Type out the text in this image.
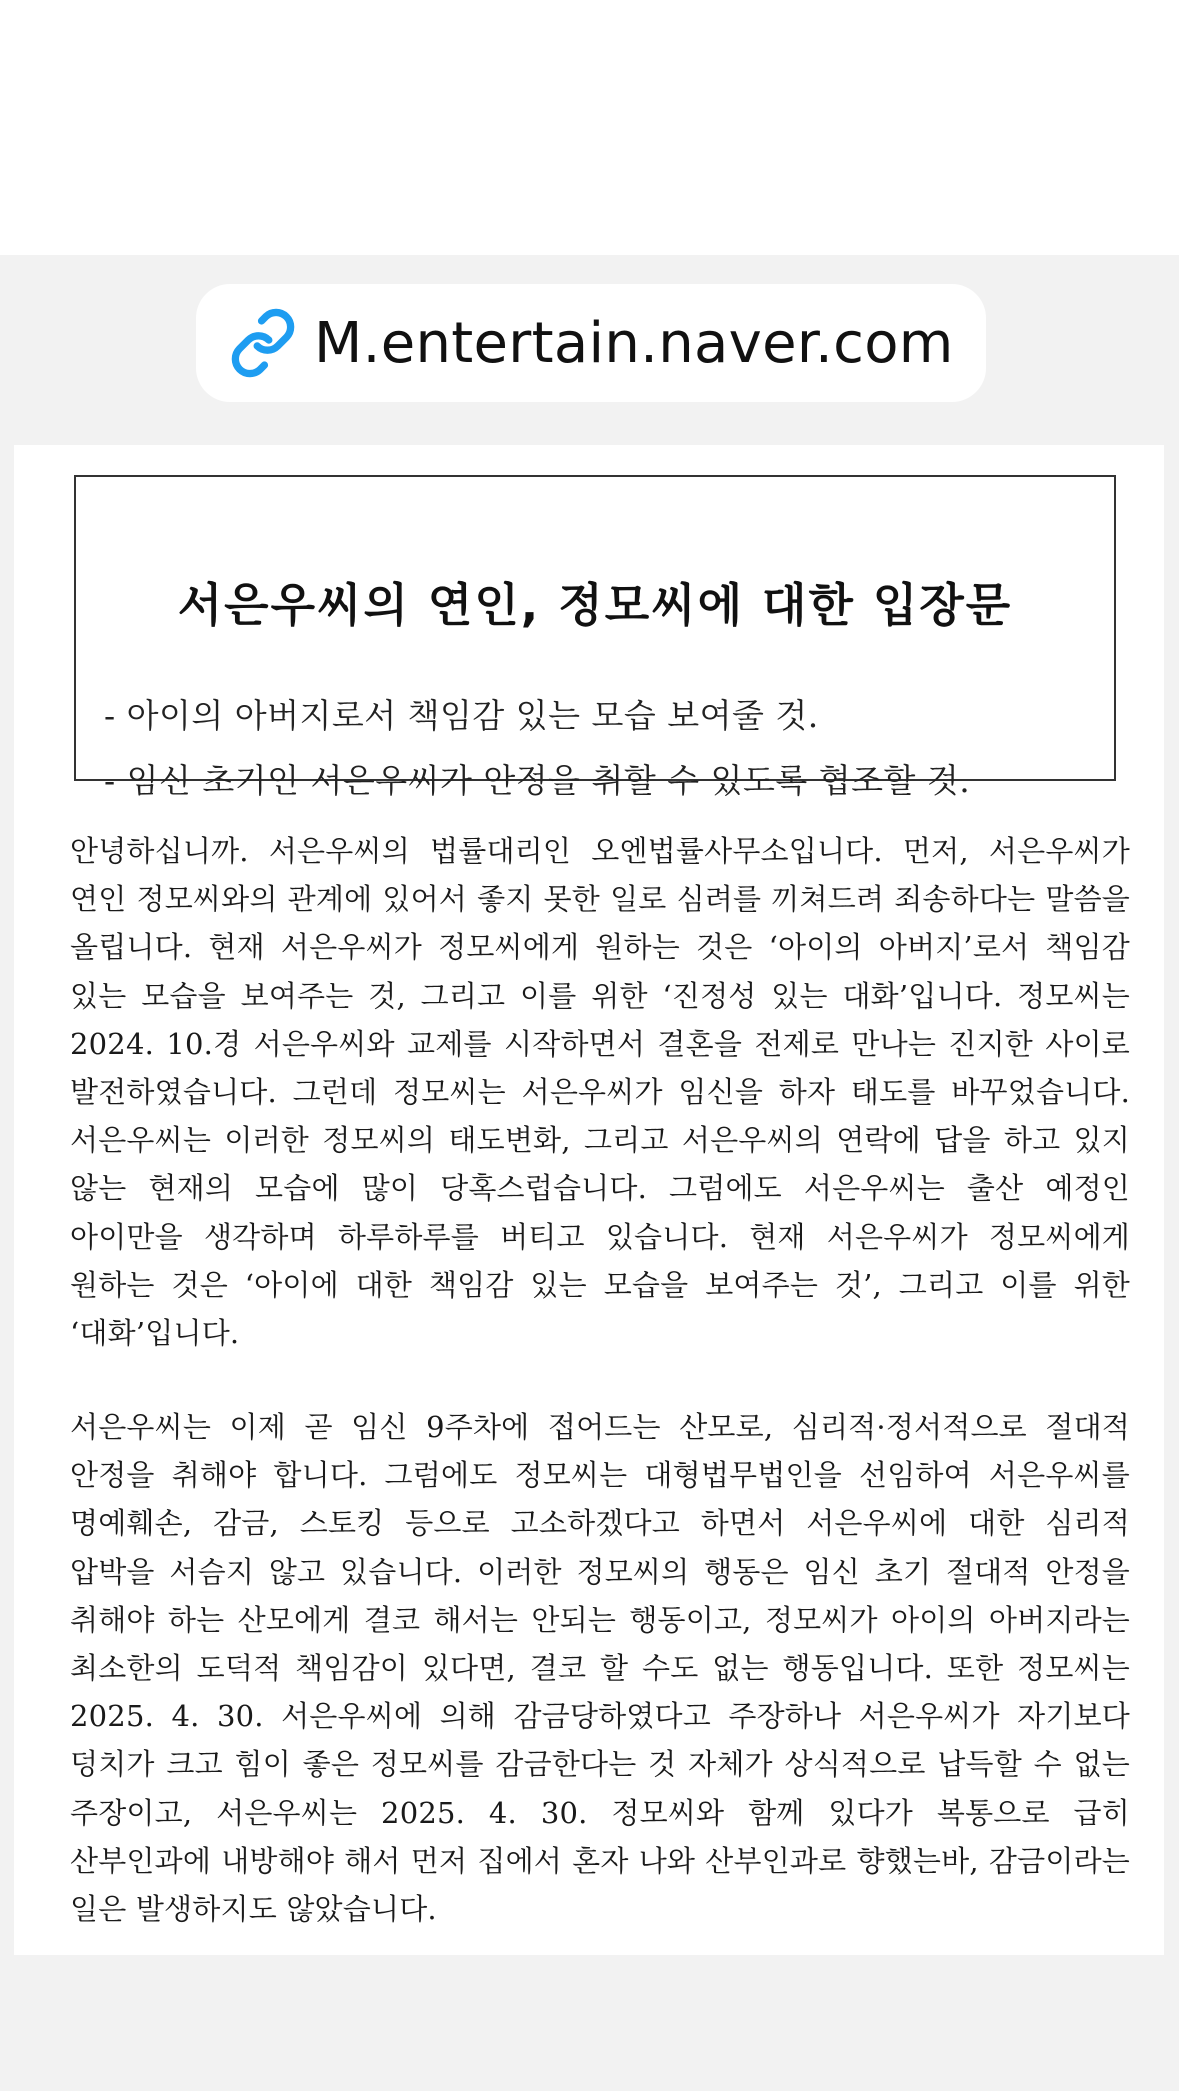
M.entertain.naver.com
서은우씨의 연인, 정모씨에 대한 입장문
- 아이의 아버지로서 책임감 있는 모습 보여줄 것.
- 임신 초기인 서은우씨가 안정을 취할 수 있도록 협조할 것.
안녕하십니까. 서은우씨의 법률대리인 오엔법률사무소입니다. 먼저, 서은우씨가 연인 정모씨와의 관계에 있어서 좋지 못한 일로 심려를 끼쳐드려 죄송하다는 말씀을 올립니다. 현재 서은우씨가 정모씨에게 원하는 것은 ‘아이의 아버지’로서 책임감 있는 모습을 보여주는 것, 그리고 이를 위한 ‘진정성 있는 대화’입니다. 정모씨는 2024. 10.경 서은우씨와 교제를 시작하면서 결혼을 전제로 만나는 진지한 사이로 발전하였습니다. 그런데 정모씨는 서은우씨가 임신을 하자 태도를 바꾸었습니다. 서은우씨는 이러한 정모씨의 태도변화, 그리고 서은우씨의 연락에 답을 하고 있지 않는 현재의 모습에 많이 당혹스럽습니다. 그럼에도 서은우씨는 출산 예정인 아이만을 생각하며 하루하루를 버티고 있습니다. 현재 서은우씨가 정모씨에게 원하는 것은 ‘아이에 대한 책임감 있는 모습을 보여주는 것’, 그리고 이를 위한 ‘대화’입니다.
서은우씨는 이제 곧 임신 9주차에 접어드는 산모로, 심리적·정서적으로 절대적 안정을 취해야 합니다. 그럼에도 정모씨는 대형법무법인을 선임하여 서은우씨를 명예훼손, 감금, 스토킹 등으로 고소하겠다고 하면서 서은우씨에 대한 심리적 압박을 서슴지 않고 있습니다. 이러한 정모씨의 행동은 임신 초기 절대적 안정을 취해야 하는 산모에게 결코 해서는 안되는 행동이고, 정모씨가 아이의 아버지라는 최소한의 도덕적 책임감이 있다면, 결코 할 수도 없는 행동입니다. 또한 정모씨는 2025. 4. 30. 서은우씨에 의해 감금당하였다고 주장하나 서은우씨가 자기보다 덩치가 크고 힘이 좋은 정모씨를 감금한다는 것 자체가 상식적으로 납득할 수 없는 주장이고, 서은우씨는 2025. 4. 30. 정모씨와 함께 있다가 복통으로 급히 산부인과에 내방해야 해서 먼저 집에서 혼자 나와 산부인과로 향했는바, 감금이라는 일은 발생하지도 않았습니다.
